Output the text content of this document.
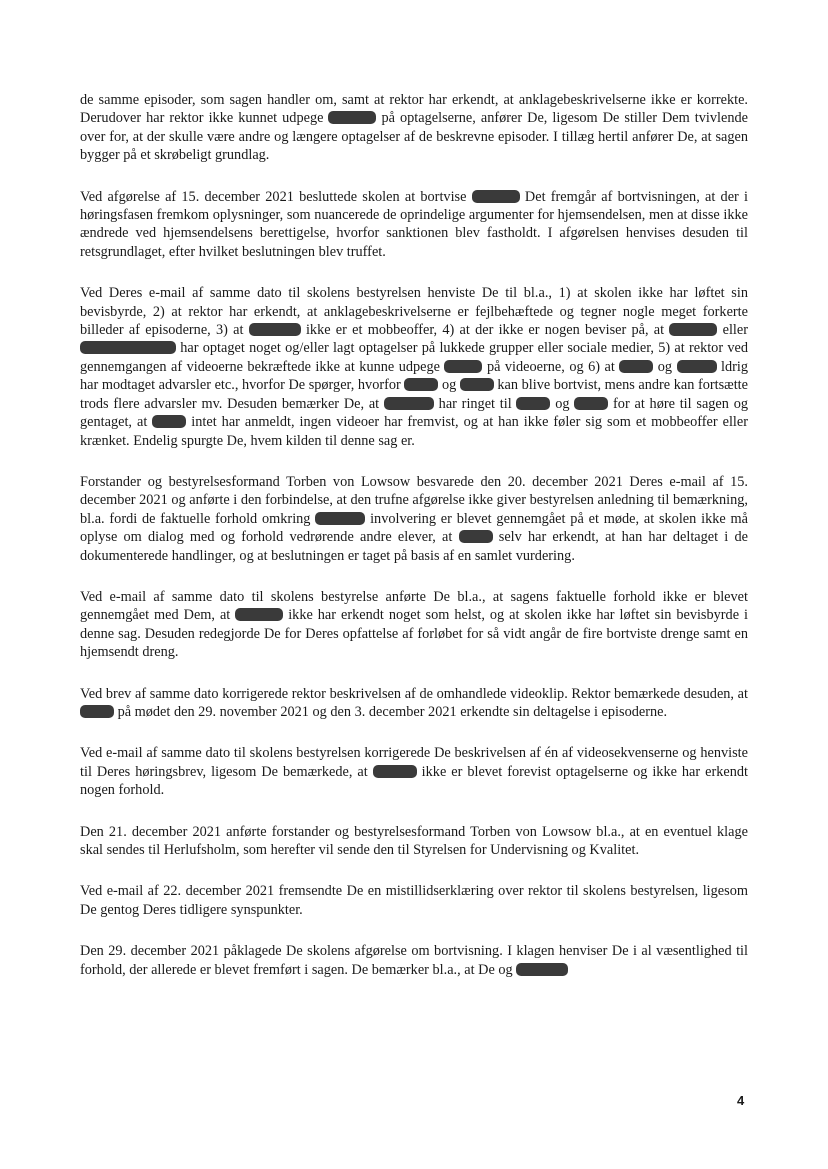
de samme episoder, som sagen handler om, samt at rektor har erkendt, at anklagebeskrivelserne ikke er korrekte. Derudover har rektor ikke kunnet udpege	på optagelserne, anfører De, ligesom De stiller Dem tvivlende over for, at der skulle være andre og længere optagelser af de beskrevne episoder. I tillæg hertil anfører De, at sagen bygger på et skrøbeligt grundlag.

Ved afgørelse af 15. december 2021 besluttede skolen at bortvise	Det fremgår af bortvisningen, at der i høringsfasen fremkom oplysninger, som nuancerede de oprindelige argumenter for hjemsendelsen, men at disse ikke ændrede ved hjemsendelsens berettigelse, hvorfor sanktionen blev fastholdt. I afgørelsen henvises desuden til retsgrundlaget, efter hvilket beslutningen blev truffet.

Ved Deres e-mail af samme dato til skolens bestyrelsen henviste De til bl.a., 1) at skolen ikke har løftet sin bevisbyrde, 2) at rektor har erkendt, at anklagebeskrivelserne er fejlbehæftede og tegner nogle meget forkerte billeder af episoderne, 3) at	ikke er et mobbeoffer, 4) at der ikke er nogen beviser på, at	eller  har optaget noget og/eller lagt optagelser på lukkede grupper eller sociale medier, 5) at rektor ved gennemgangen af videoerne bekræftede ikke at kunne udpege	på videoerne, og 6) at  og	ldrig har modtaget advarsler etc., hvorfor De spørger, hvorfor  og  kan blive bortvist, mens andre kan fortsætte trods flere advarsler mv. Desuden bemærker De, at	har ringet til  og  for at høre til sagen og gentaget, at  intet har anmeldt, ingen videoer har fremvist, og at han ikke føler sig som et mobbeoffer eller krænket. Endelig spurgte De, hvem kilden til denne sag er.

Forstander og bestyrelsesformand Torben von Lowsow besvarede den 20. december 2021 Deres e-mail af 15. december 2021 og anførte i den forbindelse, at den trufne afgørelse ikke giver bestyrelsen anledning til bemærkning, bl.a. fordi de faktuelle forhold omkring	involvering er blevet gennemgået på et møde, at skolen ikke må oplyse om dialog med og forhold vedrørende andre elever, at  selv har erkendt, at han har deltaget i de dokumenterede handlinger, og at beslutningen er taget på basis af en samlet vurdering.

Ved e-mail af samme dato til skolens bestyrelse anførte De bl.a., at sagens faktuelle forhold ikke er blevet gennemgået med Dem, at	ikke har erkendt noget som helst, og at skolen ikke har løftet sin bevisbyrde i denne sag. Desuden redegjorde De for Deres opfattelse af forløbet for så vidt angår de fire bortviste drenge samt en hjemsendt dreng.

Ved brev af samme dato korrigerede rektor beskrivelsen af de omhandlede videoklip. Rektor bemærkede desuden, at  på mødet den 29. november 2021 og den 3. december 2021 erkendte sin deltagelse i episoderne.

Ved e-mail af samme dato til skolens bestyrelsen korrigerede De beskrivelsen af én af videosekvenserne og henviste til Deres høringsbrev, ligesom De bemærkede, at	ikke er blevet forevist optagelserne og ikke har erkendt nogen forhold.

Den 21. december 2021 anførte forstander og bestyrelsesformand Torben von Lowsow bl.a., at en eventuel klage skal sendes til Herlufsholm, som herefter vil sende den til Styrelsen for Undervisning og Kvalitet.

Ved e-mail af 22. december 2021 fremsendte De en mistillidserklæring over rektor til skolens bestyrelsen, ligesom De gentog Deres tidligere synspunkter.

Den 29. december 2021 påklagede De skolens afgørelse om bortvisning. I klagen henviser De i al væsentlighed til forhold, der allerede er blevet fremført i sagen. De bemærker bl.a., at De og

4
